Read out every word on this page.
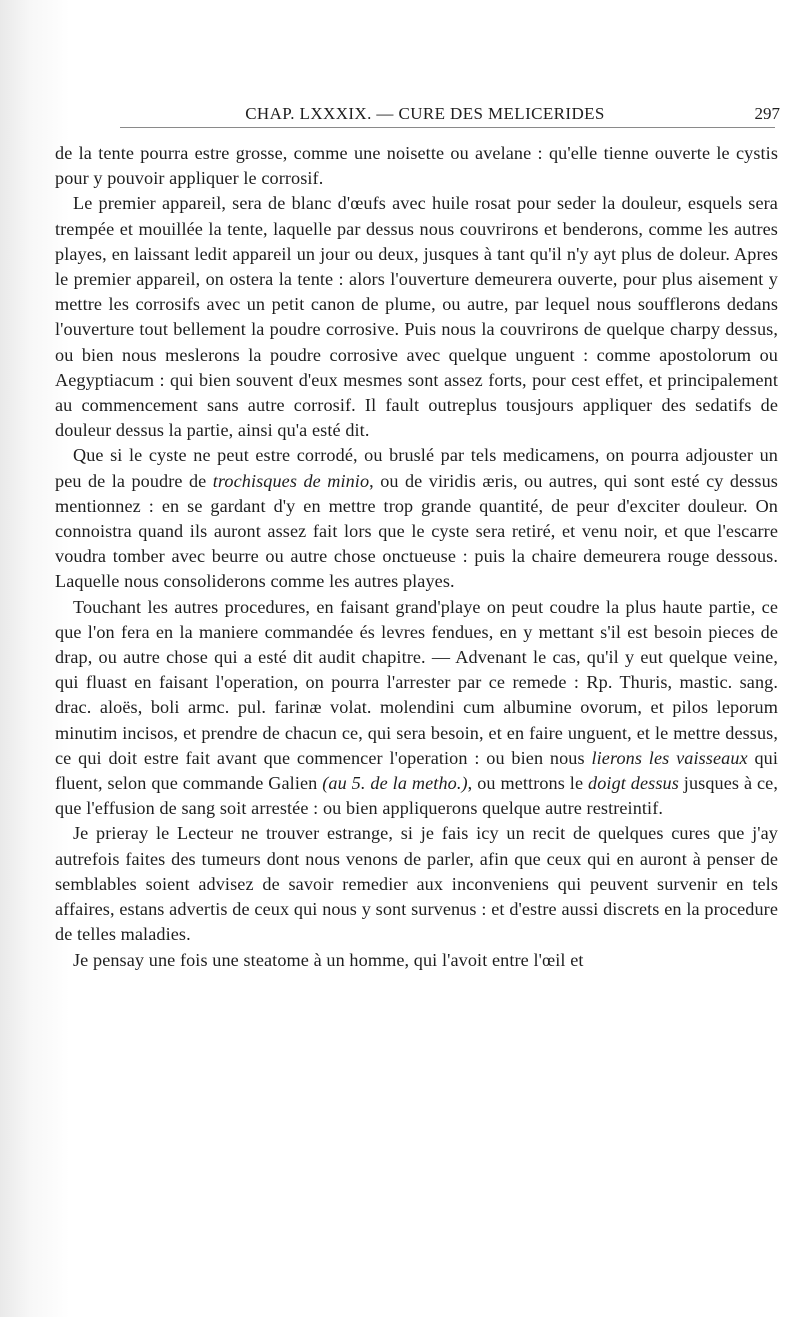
CHAP. LXXXIX. — CURE DES MELICERIDES	297

de la tente pourra estre grosse, comme une noisette ou avelane : qu'elle tienne ouverte le cystis pour y pouvoir appliquer le corrosif.

Le premier appareil, sera de blanc d'œufs avec huile rosat pour seder la douleur, esquels sera trempée et mouillée la tente, laquelle par dessus nous couvrirons et benderons, comme les autres playes, en laissant ledit appareil un jour ou deux, jusques à tant qu'il n'y ayt plus de doleur. Apres le premier appareil, on ostera la tente : alors l'ouverture demeurera ouverte, pour plus aisement y mettre les corrosifs avec un petit canon de plume, ou autre, par lequel nous soufflerons dedans l'ouverture tout bellement la poudre corrosive. Puis nous la couvrirons de quelque charpy dessus, ou bien nous meslerons la poudre corrosive avec quelque unguent : comme apostolorum ou Aegyptiacum : qui bien souvent d'eux mesmes sont assez forts, pour cest effet, et principalement au commencement sans autre corrosif. Il fault outreplus tousjours appliquer des sedatifs de douleur dessus la partie, ainsi qu'a esté dit.

Que si le cyste ne peut estre corrodé, ou bruslé par tels medicamens, on pourra adjouster un peu de la poudre de trochisques de minio, ou de viridis æris, ou autres, qui sont esté cy dessus mentionnez : en se gardant d'y en mettre trop grande quantité, de peur d'exciter douleur. On connoistra quand ils auront assez fait lors que le cyste sera retiré, et venu noir, et que l'escarre voudra tomber avec beurre ou autre chose onctueuse : puis la chaire demeurera rouge dessous. Laquelle nous consoliderons comme les autres playes.

Touchant les autres procedures, en faisant grand'playe on peut coudre la plus haute partie, ce que l'on fera en la maniere commandée és levres fendues, en y mettant s'il est besoin pieces de drap, ou autre chose qui a esté dit audit chapitre. — Advenant le cas, qu'il y eut quelque veine, qui fluast en faisant l'operation, on pourra l'arrester par ce remede : Rp. Thuris, mastic. sang. drac. aloës, boli armc. pul. farinæ volat. molendini cum albumine ovorum, et pilos leporum minutim incisos, et prendre de chacun ce, qui sera besoin, et en faire unguent, et le mettre dessus, ce qui doit estre fait avant que commencer l'operation : ou bien nous lierons les vaisseaux qui fluent, selon que commande Galien (au 5. de la metho.), ou mettrons le doigt dessus jusques à ce, que l'effusion de sang soit arrestée : ou bien appliquerons quelque autre restreintif.

Je prieray le Lecteur ne trouver estrange, si je fais icy un recit de quelques cures que j'ay autrefois faites des tumeurs dont nous venons de parler, afin que ceux qui en auront à penser de semblables soient advisez de savoir remedier aux inconveniens qui peuvent survenir en tels affaires, estans advertis de ceux qui nous y sont survenus : et d'estre aussi discrets en la procedure de telles maladies.

Je pensay une fois une steatome à un homme, qui l'avoit entre l'œil et
